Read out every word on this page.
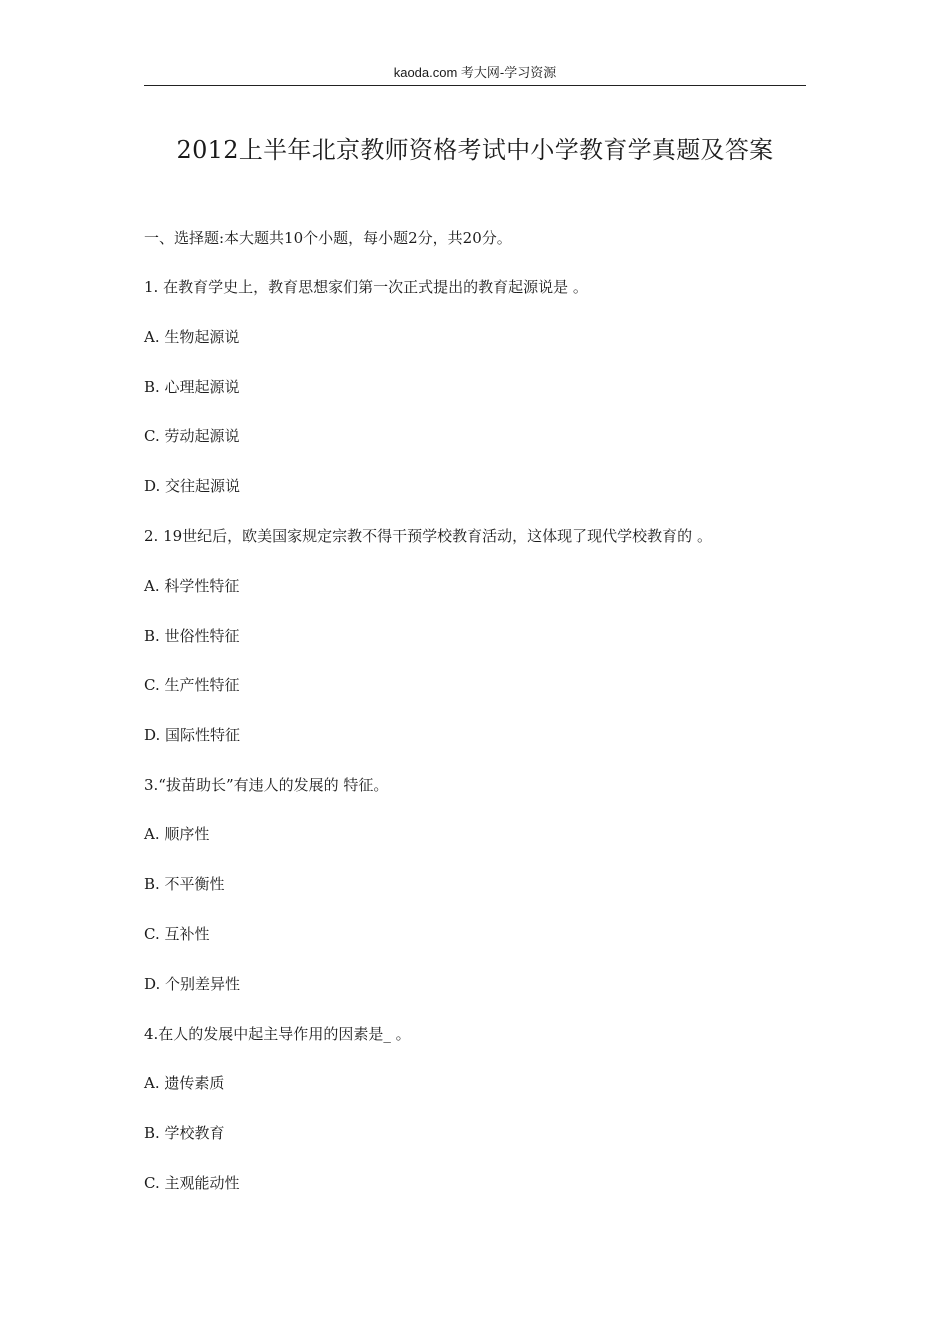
kaoda.com 考大网-学习资源
2012上半年北京教师资格考试中小学教育学真题及答案
一、选择题:本大题共10个小题，每小题2分，共20分。
1. 在教育学史上，教育思想家们第一次正式提出的教育起源说是 。
A. 生物起源说
B. 心理起源说
C. 劳动起源说
D. 交往起源说
2. 19世纪后，欧美国家规定宗教不得干预学校教育活动，这体现了现代学校教育的 。
A. 科学性特征
B. 世俗性特征
C. 生产性特征
D. 国际性特征
3.“拔苗助长”有违人的发展的 特征。
A. 顺序性
B. 不平衡性
C. 互补性
D. 个别差异性
4.在人的发展中起主导作用的因素是_ 。
A. 遗传素质
B. 学校教育
C. 主观能动性
